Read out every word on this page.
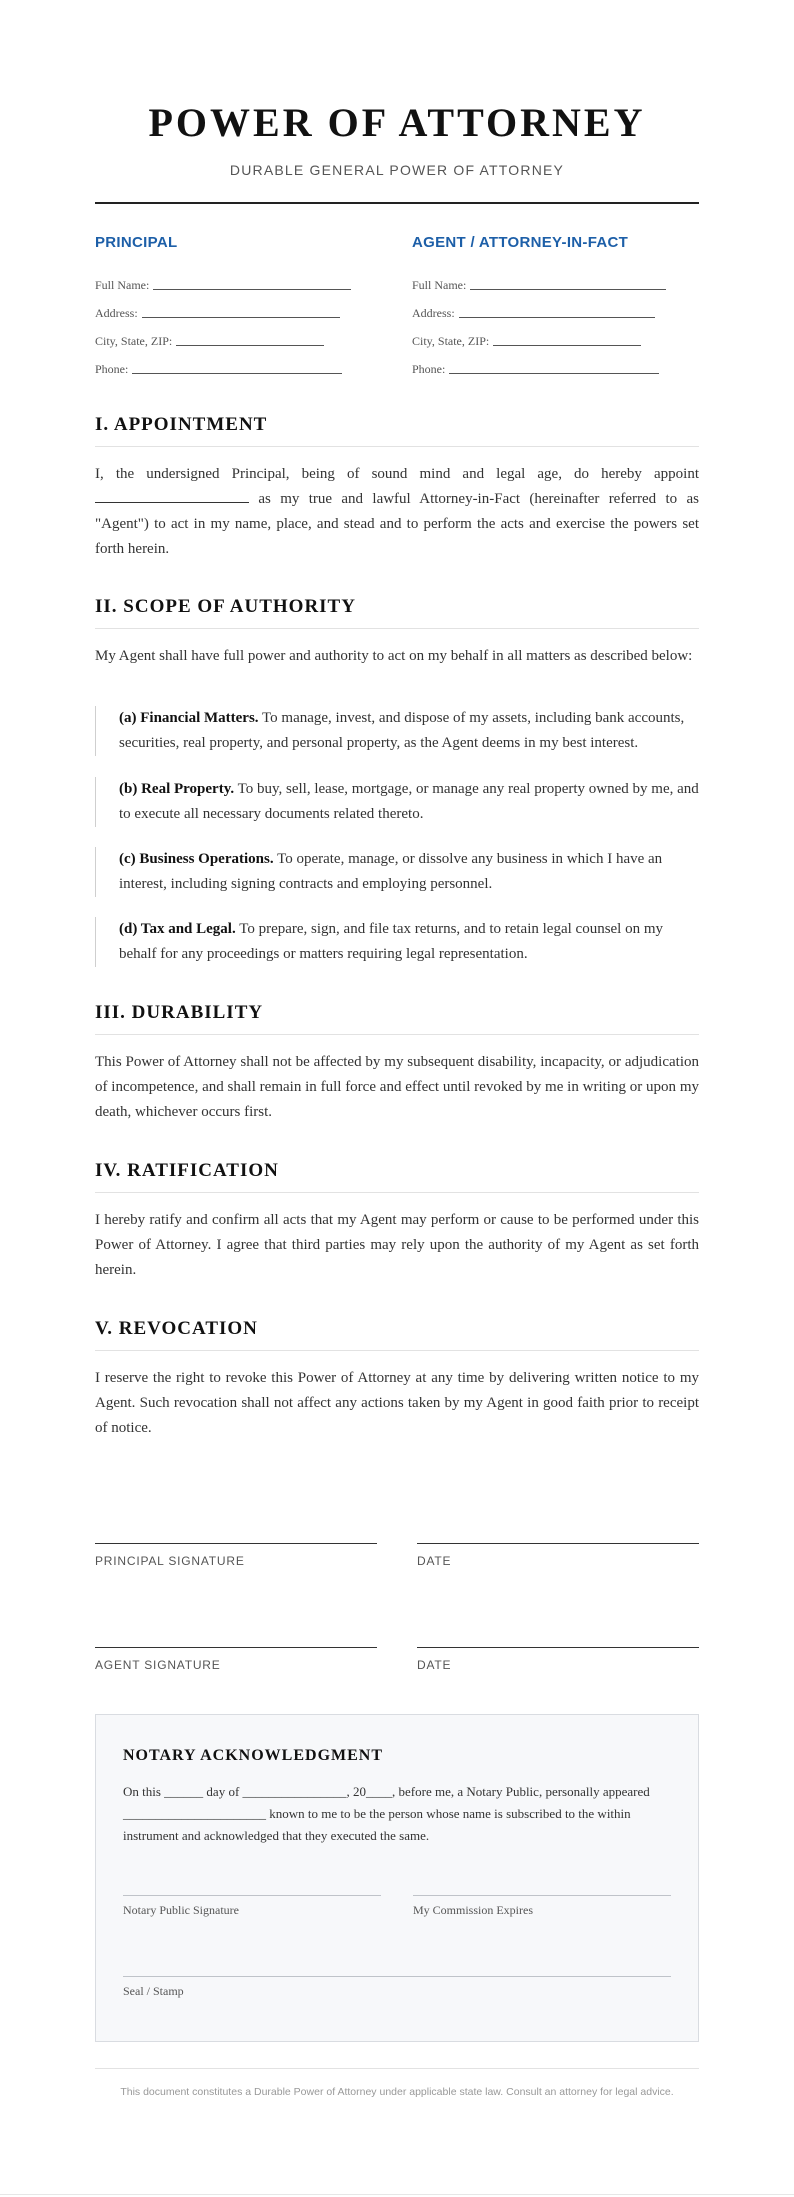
POWER OF ATTORNEY
DURABLE GENERAL POWER OF ATTORNEY
PRINCIPAL
Full Name:
Address:
City, State, ZIP:
Phone:
AGENT / ATTORNEY-IN-FACT
Full Name:
Address:
City, State, ZIP:
Phone:
I. APPOINTMENT
I, the undersigned Principal, being of sound mind and legal age, do hereby appoint  as my true and lawful Attorney-in-Fact (hereinafter referred to as "Agent") to act in my name, place, and stead and to perform the acts and exercise the powers set forth herein.
II. SCOPE OF AUTHORITY
My Agent shall have full power and authority to act on my behalf in all matters as described below:
(a) Financial Matters. To manage, invest, and dispose of my assets, including bank accounts, securities, real property, and personal property, as the Agent deems in my best interest.
(b) Real Property. To buy, sell, lease, mortgage, or manage any real property owned by me, and to execute all necessary documents related thereto.
(c) Business Operations. To operate, manage, or dissolve any business in which I have an interest, including signing contracts and employing personnel.
(d) Tax and Legal. To prepare, sign, and file tax returns, and to retain legal counsel on my behalf for any proceedings or matters requiring legal representation.
III. DURABILITY
This Power of Attorney shall not be affected by my subsequent disability, incapacity, or adjudication of incompetence, and shall remain in full force and effect until revoked by me in writing or upon my death, whichever occurs first.
IV. RATIFICATION
I hereby ratify and confirm all acts that my Agent may perform or cause to be performed under this Power of Attorney. I agree that third parties may rely upon the authority of my Agent as set forth herein.
V. REVOCATION
I reserve the right to revoke this Power of Attorney at any time by delivering written notice to my Agent. Such revocation shall not affect any actions taken by my Agent in good faith prior to receipt of notice.
PRINCIPAL SIGNATURE	DATE
AGENT SIGNATURE	DATE
NOTARY ACKNOWLEDGMENT
On this ______ day of ________________, 20____, before me, a Notary Public, personally appeared ______________________ known to me to be the person whose name is subscribed to the within instrument and acknowledged that they executed the same.
Notary Public Signature	My Commission Expires
Seal / Stamp
This document constitutes a Durable Power of Attorney under applicable state law. Consult an attorney for legal advice.
